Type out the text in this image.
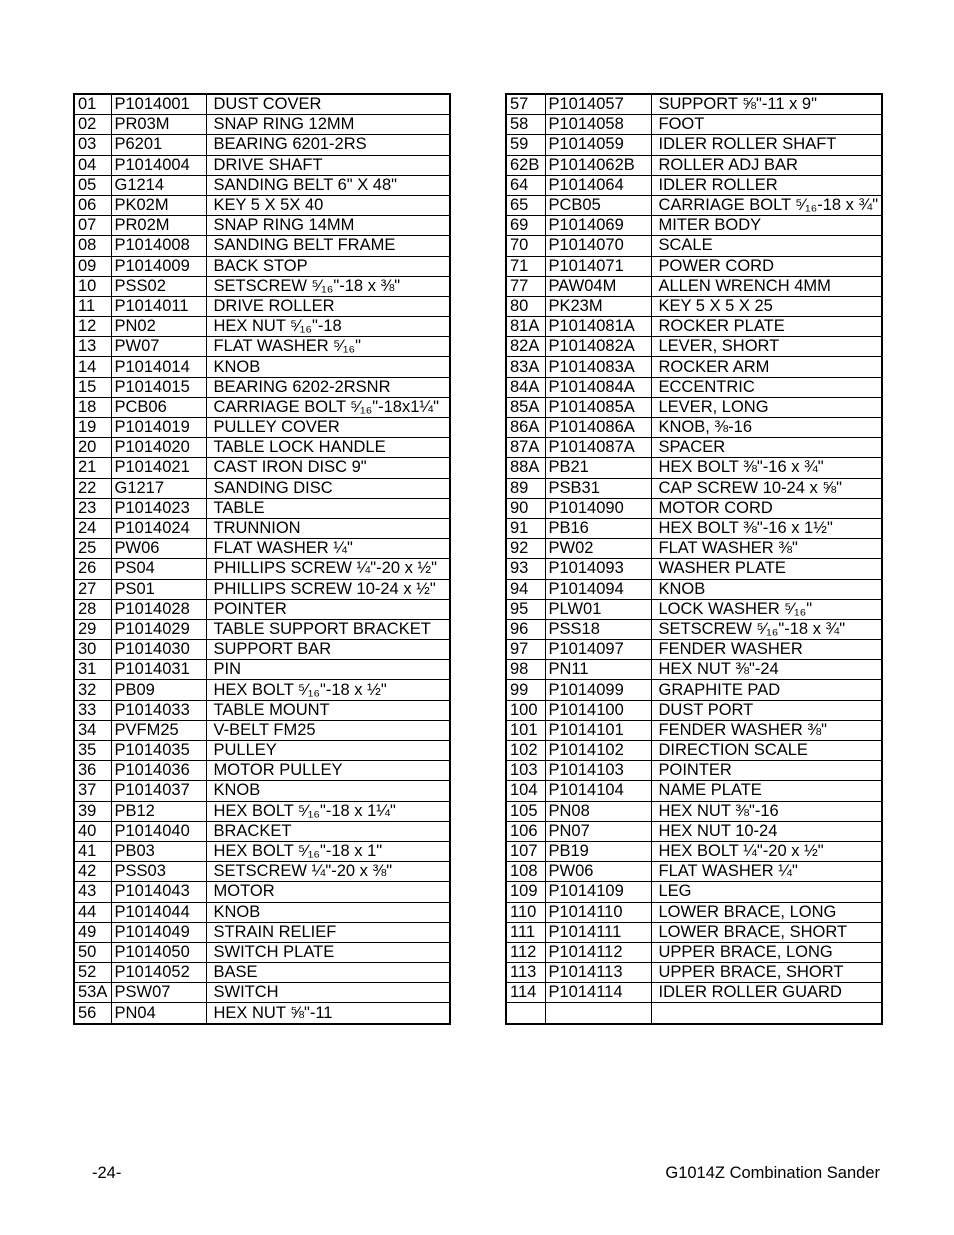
01	P1014001	DUST COVER
02	PR03M	SNAP RING 12MM
03	P6201	BEARING 6201-2RS
04	P1014004	DRIVE SHAFT
05	G1214	SANDING BELT 6" X 48"
06	PK02M	KEY 5 X 5X 40
07	PR02M	SNAP RING 14MM
08	P1014008	SANDING BELT FRAME
09	P1014009	BACK STOP
10	PSS02	SETSCREW ⁵⁄₁₆"-18 x ⅜"
11	P1014011	DRIVE ROLLER
12	PN02	HEX NUT ⁵⁄₁₆"-18
13	PW07	FLAT WASHER ⁵⁄₁₆"
14	P1014014	KNOB
15	P1014015	BEARING 6202-2RSNR
18	PCB06	CARRIAGE BOLT ⁵⁄₁₆"-18x1¼"
19	P1014019	PULLEY COVER
20	P1014020	TABLE LOCK HANDLE
21	P1014021	CAST IRON DISC 9"
22	G1217	SANDING DISC
23	P1014023	TABLE
24	P1014024	TRUNNION
25	PW06	FLAT WASHER ¼"
26	PS04	PHILLIPS SCREW ¼"-20 x ½"
27	PS01	PHILLIPS SCREW 10-24 x ½"
28	P1014028	POINTER
29	P1014029	TABLE SUPPORT BRACKET
30	P1014030	SUPPORT BAR
31	P1014031	PIN
32	PB09	HEX BOLT ⁵⁄₁₆"-18 x ½"
33	P1014033	TABLE MOUNT
34	PVFM25	V-BELT FM25
35	P1014035	PULLEY
36	P1014036	MOTOR PULLEY
37	P1014037	KNOB
39	PB12	HEX BOLT ⁵⁄₁₆"-18 x 1¼"
40	P1014040	BRACKET
41	PB03	HEX BOLT ⁵⁄₁₆"-18 x 1"
42	PSS03	SETSCREW ¼"-20 x ⅜"
43	P1014043	MOTOR
44	P1014044	KNOB
49	P1014049	STRAIN RELIEF
50	P1014050	SWITCH PLATE
52	P1014052	BASE
53A	PSW07	SWITCH
56	PN04	HEX NUT ⅝"-11
57	P1014057	SUPPORT ⅝"-11 x 9"
58	P1014058	FOOT
59	P1014059	IDLER ROLLER SHAFT
62B	P1014062B	ROLLER ADJ BAR
64	P1014064	IDLER ROLLER
65	PCB05	CARRIAGE BOLT ⁵⁄₁₆-18 x ¾"
69	P1014069	MITER BODY
70	P1014070	SCALE
71	P1014071	POWER CORD
77	PAW04M	ALLEN WRENCH 4MM
80	PK23M	KEY 5 X 5 X 25
81A	P1014081A	ROCKER PLATE
82A	P1014082A	LEVER, SHORT
83A	P1014083A	ROCKER ARM
84A	P1014084A	ECCENTRIC
85A	P1014085A	LEVER, LONG
86A	P1014086A	KNOB, ⅜-16
87A	P1014087A	SPACER
88A	PB21	HEX BOLT ⅜"-16 x ¾"
89	PSB31	CAP SCREW 10-24 x ⅝"
90	P1014090	MOTOR CORD
91	PB16	HEX BOLT ⅜"-16 x 1½"
92	PW02	FLAT WASHER ⅜"
93	P1014093	WASHER PLATE
94	P1014094	KNOB
95	PLW01	LOCK WASHER ⁵⁄₁₆"
96	PSS18	SETSCREW ⁵⁄₁₆"-18 x ¾"
97	P1014097	FENDER WASHER
98	PN11	HEX NUT ⅜"-24
99	P1014099	GRAPHITE PAD
100	P1014100	DUST PORT
101	P1014101	FENDER WASHER ⅜"
102	P1014102	DIRECTION SCALE
103	P1014103	POINTER
104	P1014104	NAME PLATE
105	PN08	HEX NUT ⅜"-16
106	PN07	HEX NUT 10-24
107	PB19	HEX BOLT ¼"-20 x ½"
108	PW06	FLAT WASHER ¼"
109	P1014109	LEG
110	P1014110	LOWER BRACE, LONG
111	P1014111	LOWER BRACE, SHORT
112	P1014112	UPPER BRACE, LONG
113	P1014113	UPPER BRACE, SHORT
114	P1014114	IDLER ROLLER GUARD

-24-	G1014Z Combination Sander
